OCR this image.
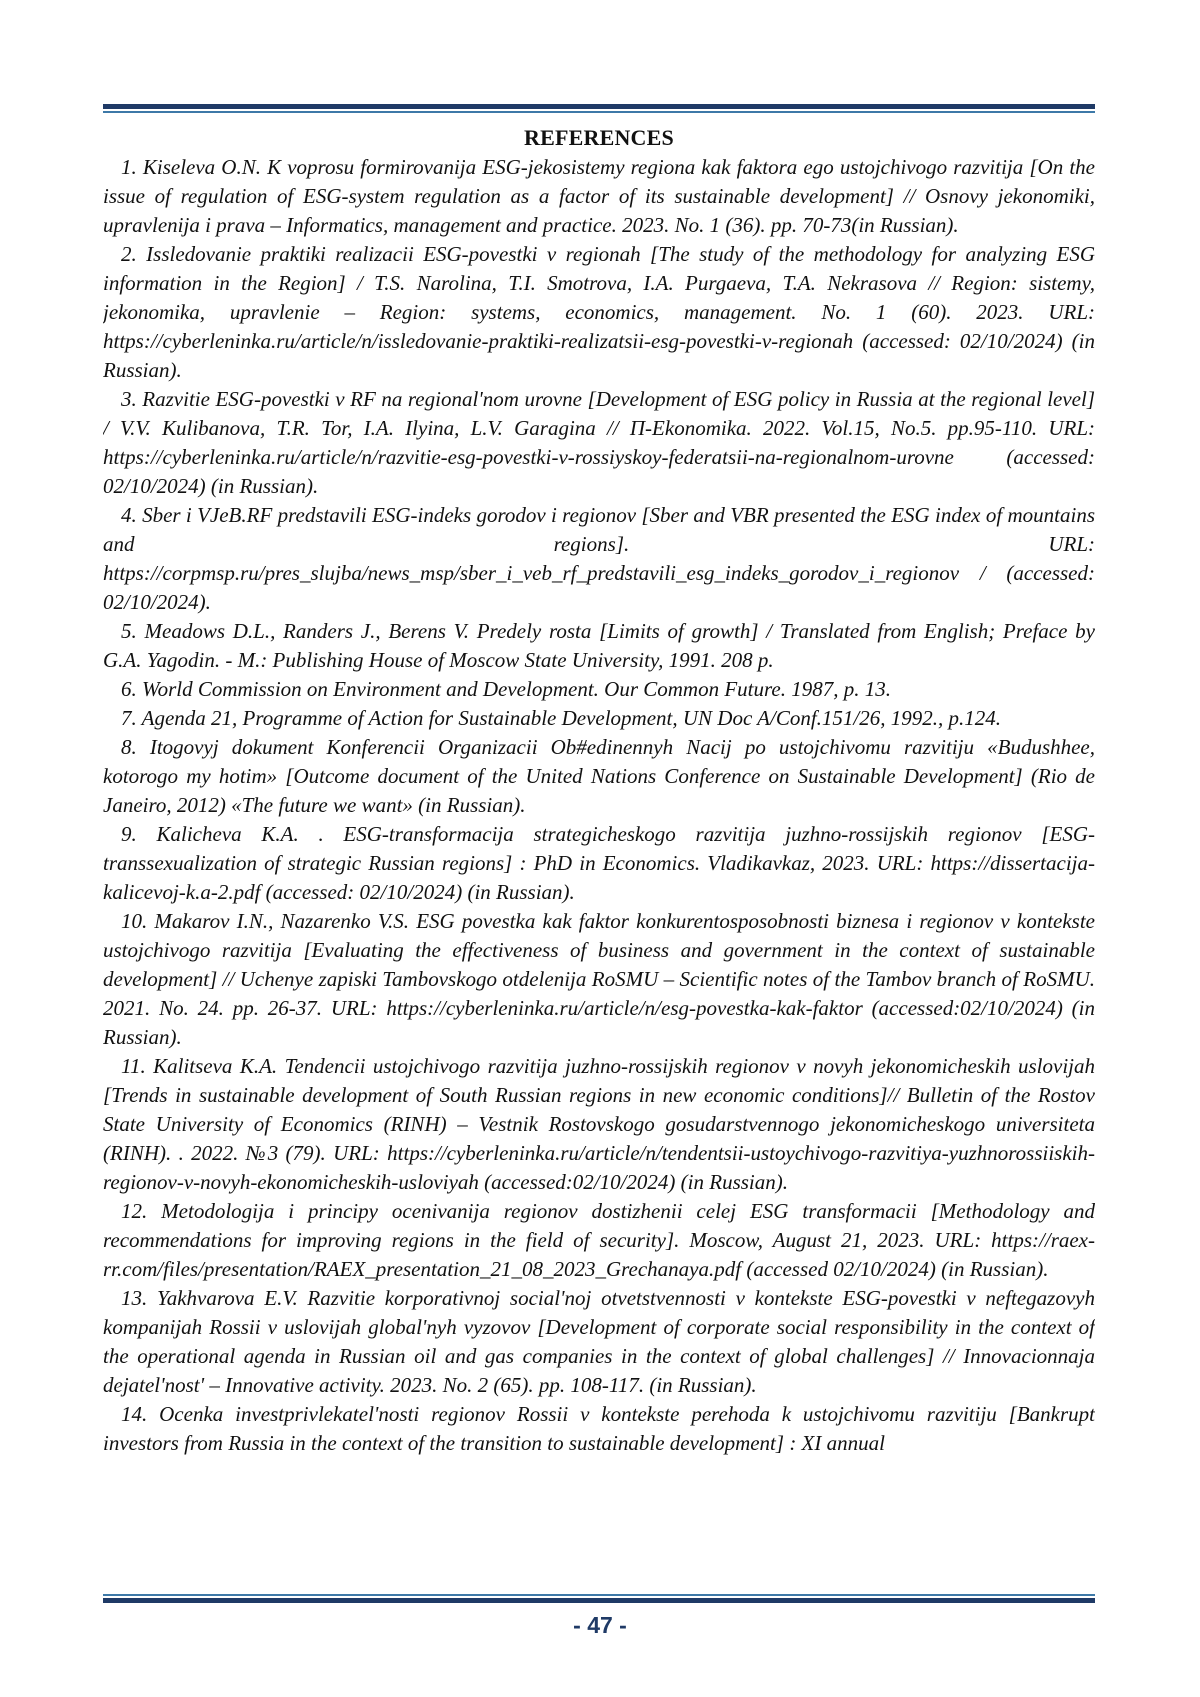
REFERENCES

1. Kiseleva O.N. K voprosu formirovanija ESG-jekosistemy regiona kak faktora ego ustojchivogo razvitija [On the issue of regulation of ESG-system regulation as a factor of its sustainable development] // Osnovy jekonomiki, upravlenija i prava – Informatics, management and practice. 2023. No. 1 (36). pp. 70-73(in Russian).

2. Issledovanie praktiki realizacii ESG-povestki v regionah [The study of the methodology for analyzing ESG information in the Region] / T.S. Narolina, T.I. Smotrova, I.A. Purgaeva, T.A. Nekrasova // Region: sistemy, jekonomika, upravlenie – Region: systems, economics, management. No. 1 (60). 2023. URL: https://cyberleninka.ru/article/n/issledovanie-praktiki-realizatsii-esg-povestki-v-regionah (accessed: 02/10/2024) (in Russian).

3. Razvitie ESG-povestki v RF na regional'nom urovne [Development of ESG policy in Russia at the regional level] / V.V. Kulibanova, T.R. Tor, I.A. Ilyina, L.V. Garagina // П-Ekonomika. 2022. Vol.15, No.5. pp.95-110. URL: https://cyberleninka.ru/article/n/razvitie-esg-povestki-v-rossiyskoy-federatsii-na-regionalnom-urovne (accessed: 02/10/2024) (in Russian).

4. Sber i VJeB.RF predstavili ESG-indeks gorodov i regionov [Sber and VBR presented the ESG index of mountains and regions]. URL: https://corpmsp.ru/pres_slujba/news_msp/sber_i_veb_rf_predstavili_esg_indeks_gorodov_i_regionov / (accessed: 02/10/2024).

5. Meadows D.L., Randers J., Berens V. Predely rosta [Limits of growth] / Translated from English; Preface by G.A. Yagodin. - M.: Publishing House of Moscow State University, 1991. 208 p.

6. World Commission on Environment and Development. Our Common Future. 1987, p. 13.

7. Agenda 21, Programme of Action for Sustainable Development, UN Doc A/Conf.151/26, 1992., p.124.

8. Itogovyj dokument Konferencii Organizacii Ob#edinennyh Nacij po ustojchivomu razvitiju «Budushhee, kotorogo my hotim» [Outcome document of the United Nations Conference on Sustainable Development] (Rio de Janeiro, 2012) «The future we want» (in Russian).

9. Kalicheva K.A. . ESG-transformacija strategicheskogo razvitija juzhno-rossijskih regionov [ESG-transsexualization of strategic Russian regions] : PhD in Economics. Vladikavkaz, 2023. URL: https://dissertacija-kalicevoj-k.a-2.pdf (accessed: 02/10/2024) (in Russian).

10. Makarov I.N., Nazarenko V.S. ESG povestka kak faktor konkurentosposobnosti biznesa i regionov v kontekste ustojchivogo razvitija [Evaluating the effectiveness of business and government in the context of sustainable development] // Uchenye zapiski Tambovskogo otdelenija RoSMU – Scientific notes of the Tambov branch of RoSMU. 2021. No. 24. pp. 26-37. URL: https://cyberleninka.ru/article/n/esg-povestka-kak-faktor (accessed:02/10/2024) (in Russian).

11. Kalitseva K.A. Tendencii ustojchivogo razvitija juzhno-rossijskih regionov v novyh jekonomicheskih uslovijah [Trends in sustainable development of South Russian regions in new economic conditions]// Bulletin of the Rostov State University of Economics (RINH) – Vestnik Rostovskogo gosudarstvennogo jekonomicheskogo universiteta (RINH). . 2022. №3 (79). URL: https://cyberleninka.ru/article/n/tendentsii-ustoychivogo-razvitiya-yuzhnorossiiskih-regionov-v-novyh-ekonomicheskih-usloviyah (accessed:02/10/2024) (in Russian).

12. Metodologija i principy ocenivanija regionov dostizhenii celej ESG transformacii [Methodology and recommendations for improving regions in the field of security]. Moscow, August 21, 2023. URL: https://raex-rr.com/files/presentation/RAEX_presentation_21_08_2023_Grechanaya.pdf (accessed 02/10/2024) (in Russian).

13. Yakhvarova E.V. Razvitie korporativnoj social'noj otvetstvennosti v kontekste ESG-povestki v neftegazovyh kompanijah Rossii v uslovijah global'nyh vyzovov [Development of corporate social responsibility in the context of the operational agenda in Russian oil and gas companies in the context of global challenges] // Innovacionnaja dejatel'nost' – Innovative activity. 2023. No. 2 (65). pp. 108-117. (in Russian).

14. Ocenka investprivlekatel'nosti regionov Rossii v kontekste perehoda k ustojchivomu razvitiju [Bankrupt investors from Russia in the context of the transition to sustainable development] : XI annual

- 47 -
